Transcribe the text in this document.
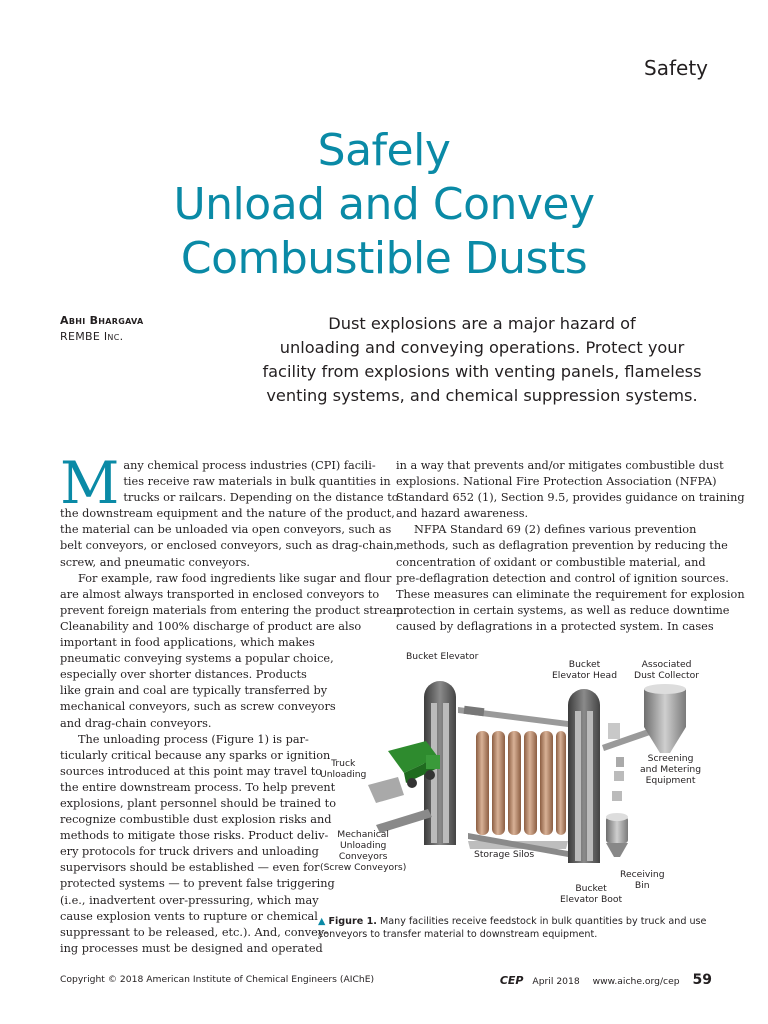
Safety
Safely
Unload and Convey
Combustible Dusts
Abhi Bhargava
REMBE Inc.
Dust explosions are a major hazard of
unloading and conveying operations. Protect your
facility from explosions with venting panels, flameless
venting systems, and chemical suppression systems.
M any chemical process industries (CPI) facili-
ties receive raw materials in bulk quantities in
trucks or railcars. Depending on the distance to
the downstream equipment and the nature of the product,
the material can be unloaded via open conveyors, such as
belt conveyors, or enclosed conveyors, such as drag-chain,
screw, and pneumatic conveyors.
For example, raw food ingredients like sugar and flour
are almost always transported in enclosed conveyors to
prevent foreign materials from entering the product stream.
Cleanability and 100% discharge of product are also
important in food applications, which makes
pneumatic conveying systems a popular choice,
especially over shorter distances. Products
like grain and coal are typically transferred by
mechanical conveyors, such as screw conveyors
and drag-chain conveyors.
The unloading process (Figure 1) is par-
ticularly critical because any sparks or ignition
sources introduced at this point may travel to
the entire downstream process. To help prevent
explosions, plant personnel should be trained to
recognize combustible dust explosion risks and
methods to mitigate those risks. Product deliv-
ery protocols for truck drivers and unloading
supervisors should be established — even for
protected systems — to prevent false triggering
(i.e., inadvertent over-pressuring, which may
cause explosion vents to rupture or chemical
suppressant to be released, etc.). And, convey-
ing processes must be designed and operated
in a way that prevents and/or mitigates combustible dust
explosions. National Fire Protection Association (NFPA)
Standard 652 (1), Section 9.5, provides guidance on training
and hazard awareness.
NFPA Standard 69 (2) defines various prevention
methods, such as deflagration prevention by reducing the
concentration of oxidant or combustible material, and
pre-deflagration detection and control of ignition sources.
These measures can eliminate the requirement for explosion
protection in certain systems, as well as reduce downtime
caused by deflagrations in a protected system. In cases
Bucket Elevator
Bucket
Elevator Head
Associated
Dust Collector
Truck
Unloading
Screening
and Metering
Equipment
Mechanical
Unloading
Conveyors
(Screw Conveyors)
Storage Silos
Receiving
Bin
Bucket
Elevator Boot
▲ Figure 1. Many facilities receive feedstock in bulk quantities by truck and use conveyors to transfer material to downstream equipment.
Copyright © 2018 American Institute of Chemical Engineers (AIChE)	CEP April 2018 www.aiche.org/cep 59
